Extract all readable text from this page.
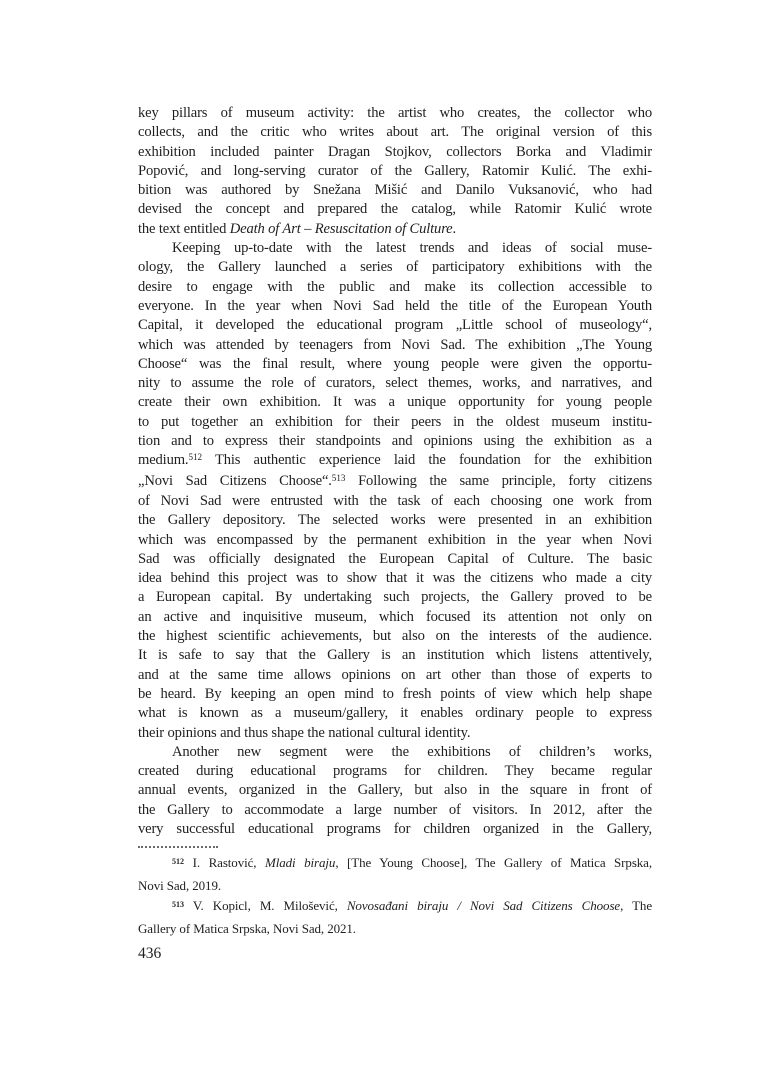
key pillars of museum activity: the artist who creates, the collector who
collects, and the critic who writes about art. The original version of this
exhibition included painter Dragan Stojkov, collectors Borka and Vladimir
Popović, and long-serving curator of the Gallery, Ratomir Kulić. The exhi-
bition was authored by Snežana Mišić and Danilo Vuksanović, who had
devised the concept and prepared the catalog, while Ratomir Kulić wrote
the text entitled Death of Art – Resuscitation of Culture.
Keeping up-to-date with the latest trends and ideas of social muse-
ology, the Gallery launched a series of participatory exhibitions with the
desire to engage with the public and make its collection accessible to
everyone. In the year when Novi Sad held the title of the European Youth
Capital, it developed the educational program „Little school of museology“,
which was attended by teenagers from Novi Sad. The exhibition „The Young
Choose“ was the final result, where young people were given the opportu-
nity to assume the role of curators, select themes, works, and narratives, and
create their own exhibition. It was a unique opportunity for young people
to put together an exhibition for their peers in the oldest museum institu-
tion and to express their standpoints and opinions using the exhibition as a
medium.$^{512}$ This authentic experience laid the foundation for the exhibition
„Novi Sad Citizens Choose“.$^{513}$ Following the same principle, forty citizens
of Novi Sad were entrusted with the task of each choosing one work from
the Gallery depository. The selected works were presented in an exhibition
which was encompassed by the permanent exhibition in the year when Novi
Sad was officially designated the European Capital of Culture. The basic
idea behind this project was to show that it was the citizens who made a city
a European capital. By undertaking such projects, the Gallery proved to be
an active and inquisitive museum, which focused its attention not only on
the highest scientific achievements, but also on the interests of the audience.
It is safe to say that the Gallery is an institution which listens attentively,
and at the same time allows opinions on art other than those of experts to
be heard. By keeping an open mind to fresh points of view which help shape
what is known as a museum/gallery, it enables ordinary people to express
their opinions and thus shape the national cultural identity.
Another new segment were the exhibitions of children’s works,
created during educational programs for children. They became regular
annual events, organized in the Gallery, but also in the square in front of
the Gallery to accommodate a large number of visitors. In 2012, after the
very successful educational programs for children organized in the Gallery,
$^{512}$ I. Rastović, Mladi biraju, [The Young Choose], The Gallery of Matica Srpska,
Novi Sad, 2019.
$^{513}$ V. Kopicl, M. Milošević, Novosađani biraju / Novi Sad Citizens Choose, The
Gallery of Matica Srpska, Novi Sad, 2021.
436
